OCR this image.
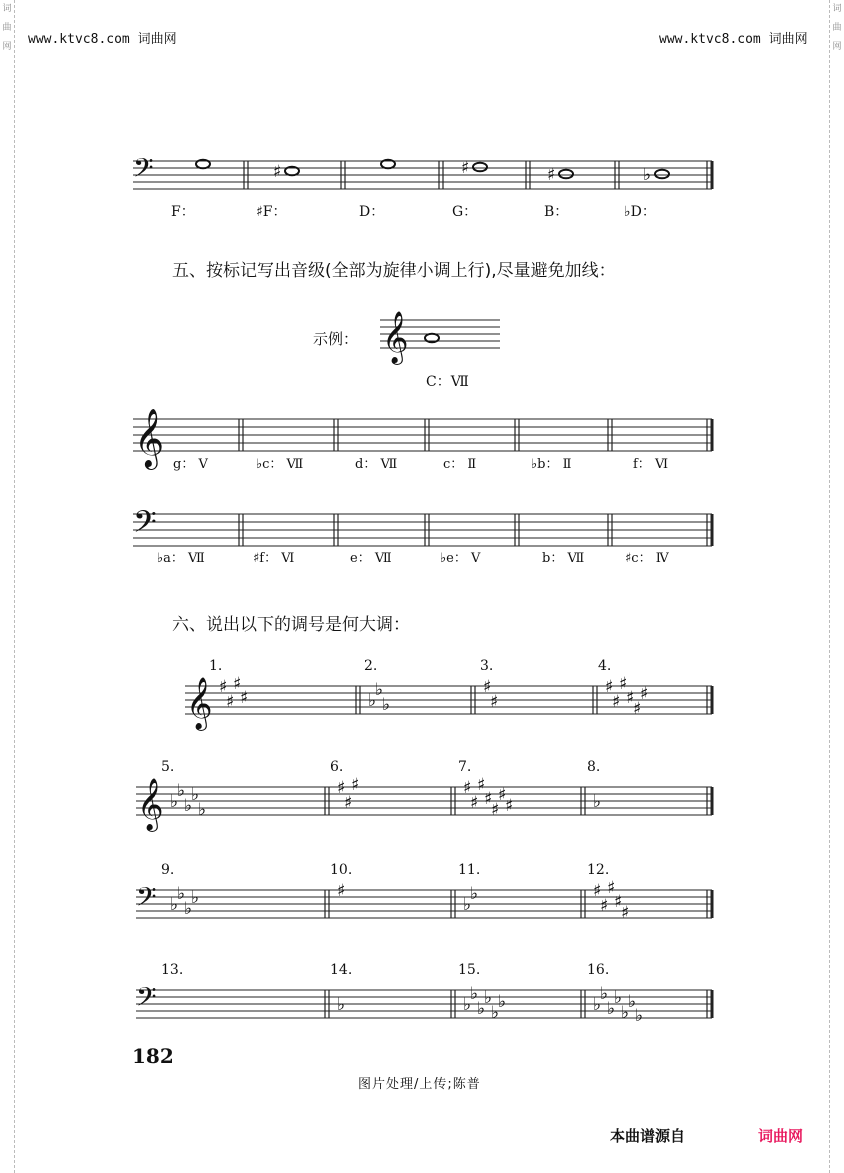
词
曲
网
词
曲
网
www.ktvc8.com 词曲网	www.ktvc8.com 词曲网
𝄢	♯	♯	♯	♭
F：	♯F：	D：	G：	B：	♭D：
𝄞
C：Ⅶ
𝄞 g： Ⅴ	♭c： Ⅶ	d： Ⅶ	c： Ⅱ	♭b： Ⅱ	f： Ⅵ
𝄢
♭a： Ⅶ	♯f： Ⅵ	e： Ⅶ	♭e： Ⅴ	b： Ⅶ	♯c： Ⅳ
𝄞 ♯
♯
♯
♯
1.
♭
♭
♭
2.
♯
♯
3.
♯
♯
♯
♯
♯
♯
4.
𝄞 ♭
♭
♭
♭
♭
5.
♯
♯
♯
6.
♯
♯
♯
♯
♯
♯
♯
7.
♭
8.
𝄢 ♭
♭
♭
♭
9.
♯
10.
♭
♭
11.
♯
♯
♯
♯
♯
12.
𝄢
13.
♭
14.
♭
♭
♭
♭
♭
♭
15.
♭
♭
♭
♭
♭
♭
♭
16.
五、按标记写出音级(全部为旋律小调上行),尽量避免加线：
示例：
六、说出以下的调号是何大调：
182
图片处理/上传;陈普
本曲谱源自	词曲网
